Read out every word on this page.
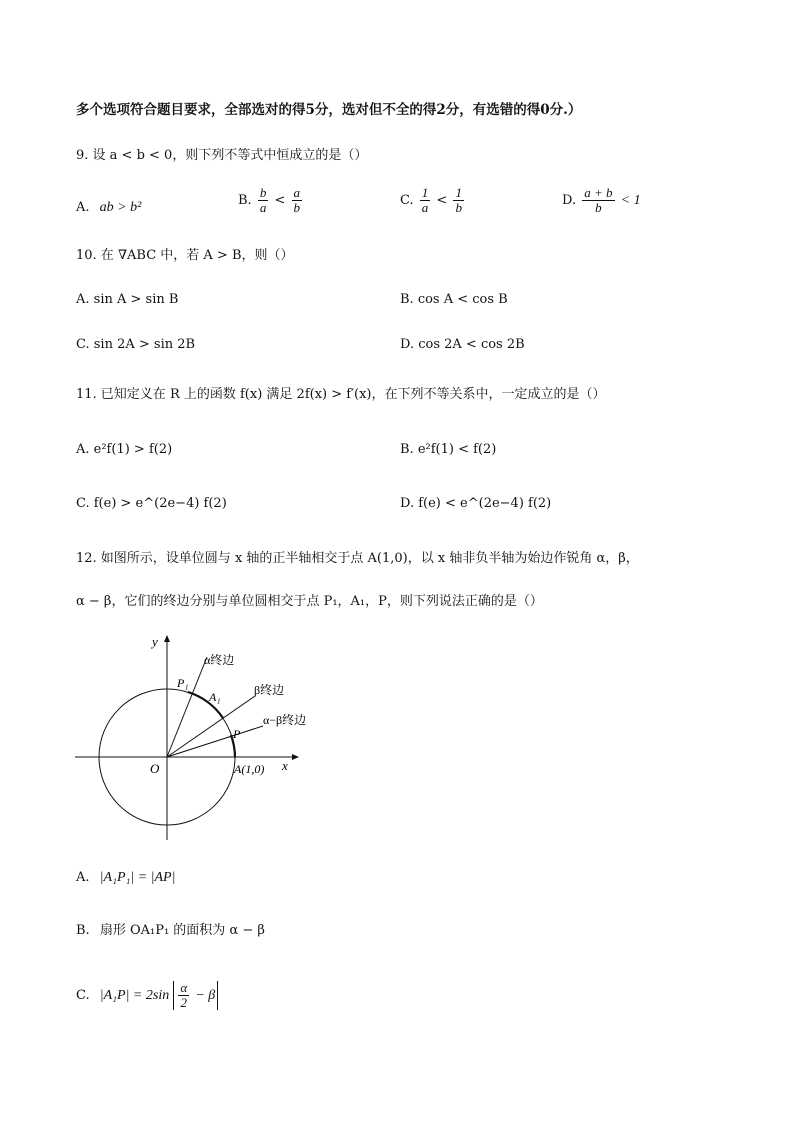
多个选项符合题目要求，全部选对的得5分，选对但不全的得2分，有选错的得0分.）
9. 设 a < b < 0，则下列不等式中恒成立的是（）
A. ab > b²	B. $\frac{b}{a} < \frac{a}{b}$	C. $\frac{1}{a} < \frac{1}{b}$	D. $\frac{a + b}{b} < 1$
10. 在 ∇ABC 中，若 A > B，则（）
A. sin A > sin B	B. cos A < cos B
C. sin 2A > sin 2B	D. cos 2A < cos 2B
11. 已知定义在 R 上的函数 f(x) 满足 2f(x) > f′(x)，在下列不等关系中，一定成立的是（）
A. e²f(1) > f(2)	B. e²f(1) < f(2)
C. f(e) > e^(2e−4) f(2)	D. f(e) < e^(2e−4) f(2)
12. 如图所示，设单位圆与 x 轴的正半轴相交于点 A(1,0)，以 x 轴非负半轴为始边作锐角 α，β，
α − β，它们的终边分别与单位圆相交于点 P₁，A₁，P，则下列说法正确的是（）
y
x
O
P₁
A₁
P
A(1,0)
α终边
β终边
α−β终边
A. |A₁P₁| = |AP|
B. 扇形 OA₁P₁ 的面积为 α − β
C. $|A_1P| = 2\sin \frac{\alpha}{2} - \beta$
